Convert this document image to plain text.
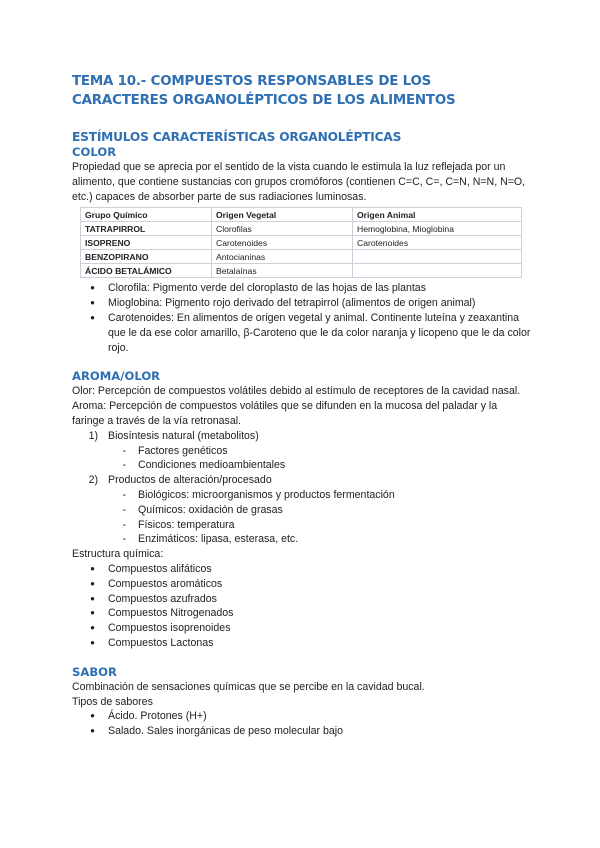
TEMA 10.- COMPUESTOS RESPONSABLES DE LOS
CARACTERES ORGANOLÉPTICOS DE LOS ALIMENTOS
ESTÍMULOS CARACTERÍSTICAS ORGANOLÉPTICAS
COLOR

Propiedad que se aprecia por el sentido de la vista cuando le estimula la luz reflejada por un alimento, que contiene sustancias con grupos cromóforos (contienen C=C, C=, C=N, N=N, N=O, etc.) capaces de absorber parte de sus radiaciones luminosas.

Grupo Químico	Origen Vegetal	Origen Animal
TATRAPIRROL	Clorofilas	Hemoglobina, Mioglobina
ISOPRENO	Carotenoides	Carotenoides
BENZOPIRANO	Antocianinas	
ÁCIDO BETALÁMICO	Betalaínas	
●	Clorofila: Pigmento verde del cloroplasto de las hojas de las plantas
●	Mioglobina: Pigmento rojo derivado del tetrapirrol (alimentos de origen animal)
●	Carotenoides: En alimentos de origen vegetal y animal. Continente luteína y zeaxantina que le da ese color amarillo, β-Caroteno que le da color naranja y licopeno que le da color rojo.
AROMA/OLOR

Olor: Percepción de compuestos volátiles debido al estímulo de receptores de la cavidad nasal.

Aroma: Percepción de compuestos volátiles que se difunden en la mucosa del paladar y la faringe a través de la vía retronasal.

1) Biosíntesis natural (metabolitos)
-	Factores genéticos
-	Condiciones medioambientales
2) Productos de alteración/procesado
-	Biológicos: microorganismos y productos fermentación
-	Químicos: oxidación de grasas
-	Físicos: temperatura
-	Enzimáticos: lipasa, esterasa, etc.

Estructura química:

●	Compuestos alifáticos
●	Compuestos aromáticos
●	Compuestos azufrados
●	Compuestos Nitrogenados
●	Compuestos isoprenoides
●	Compuestos Lactonas
SABOR

Combinación de sensaciones químicas que se percibe en la cavidad bucal.

Tipos de sabores

●	Ácido. Protones (H+)
●	Salado. Sales inorgánicas de peso molecular bajo
